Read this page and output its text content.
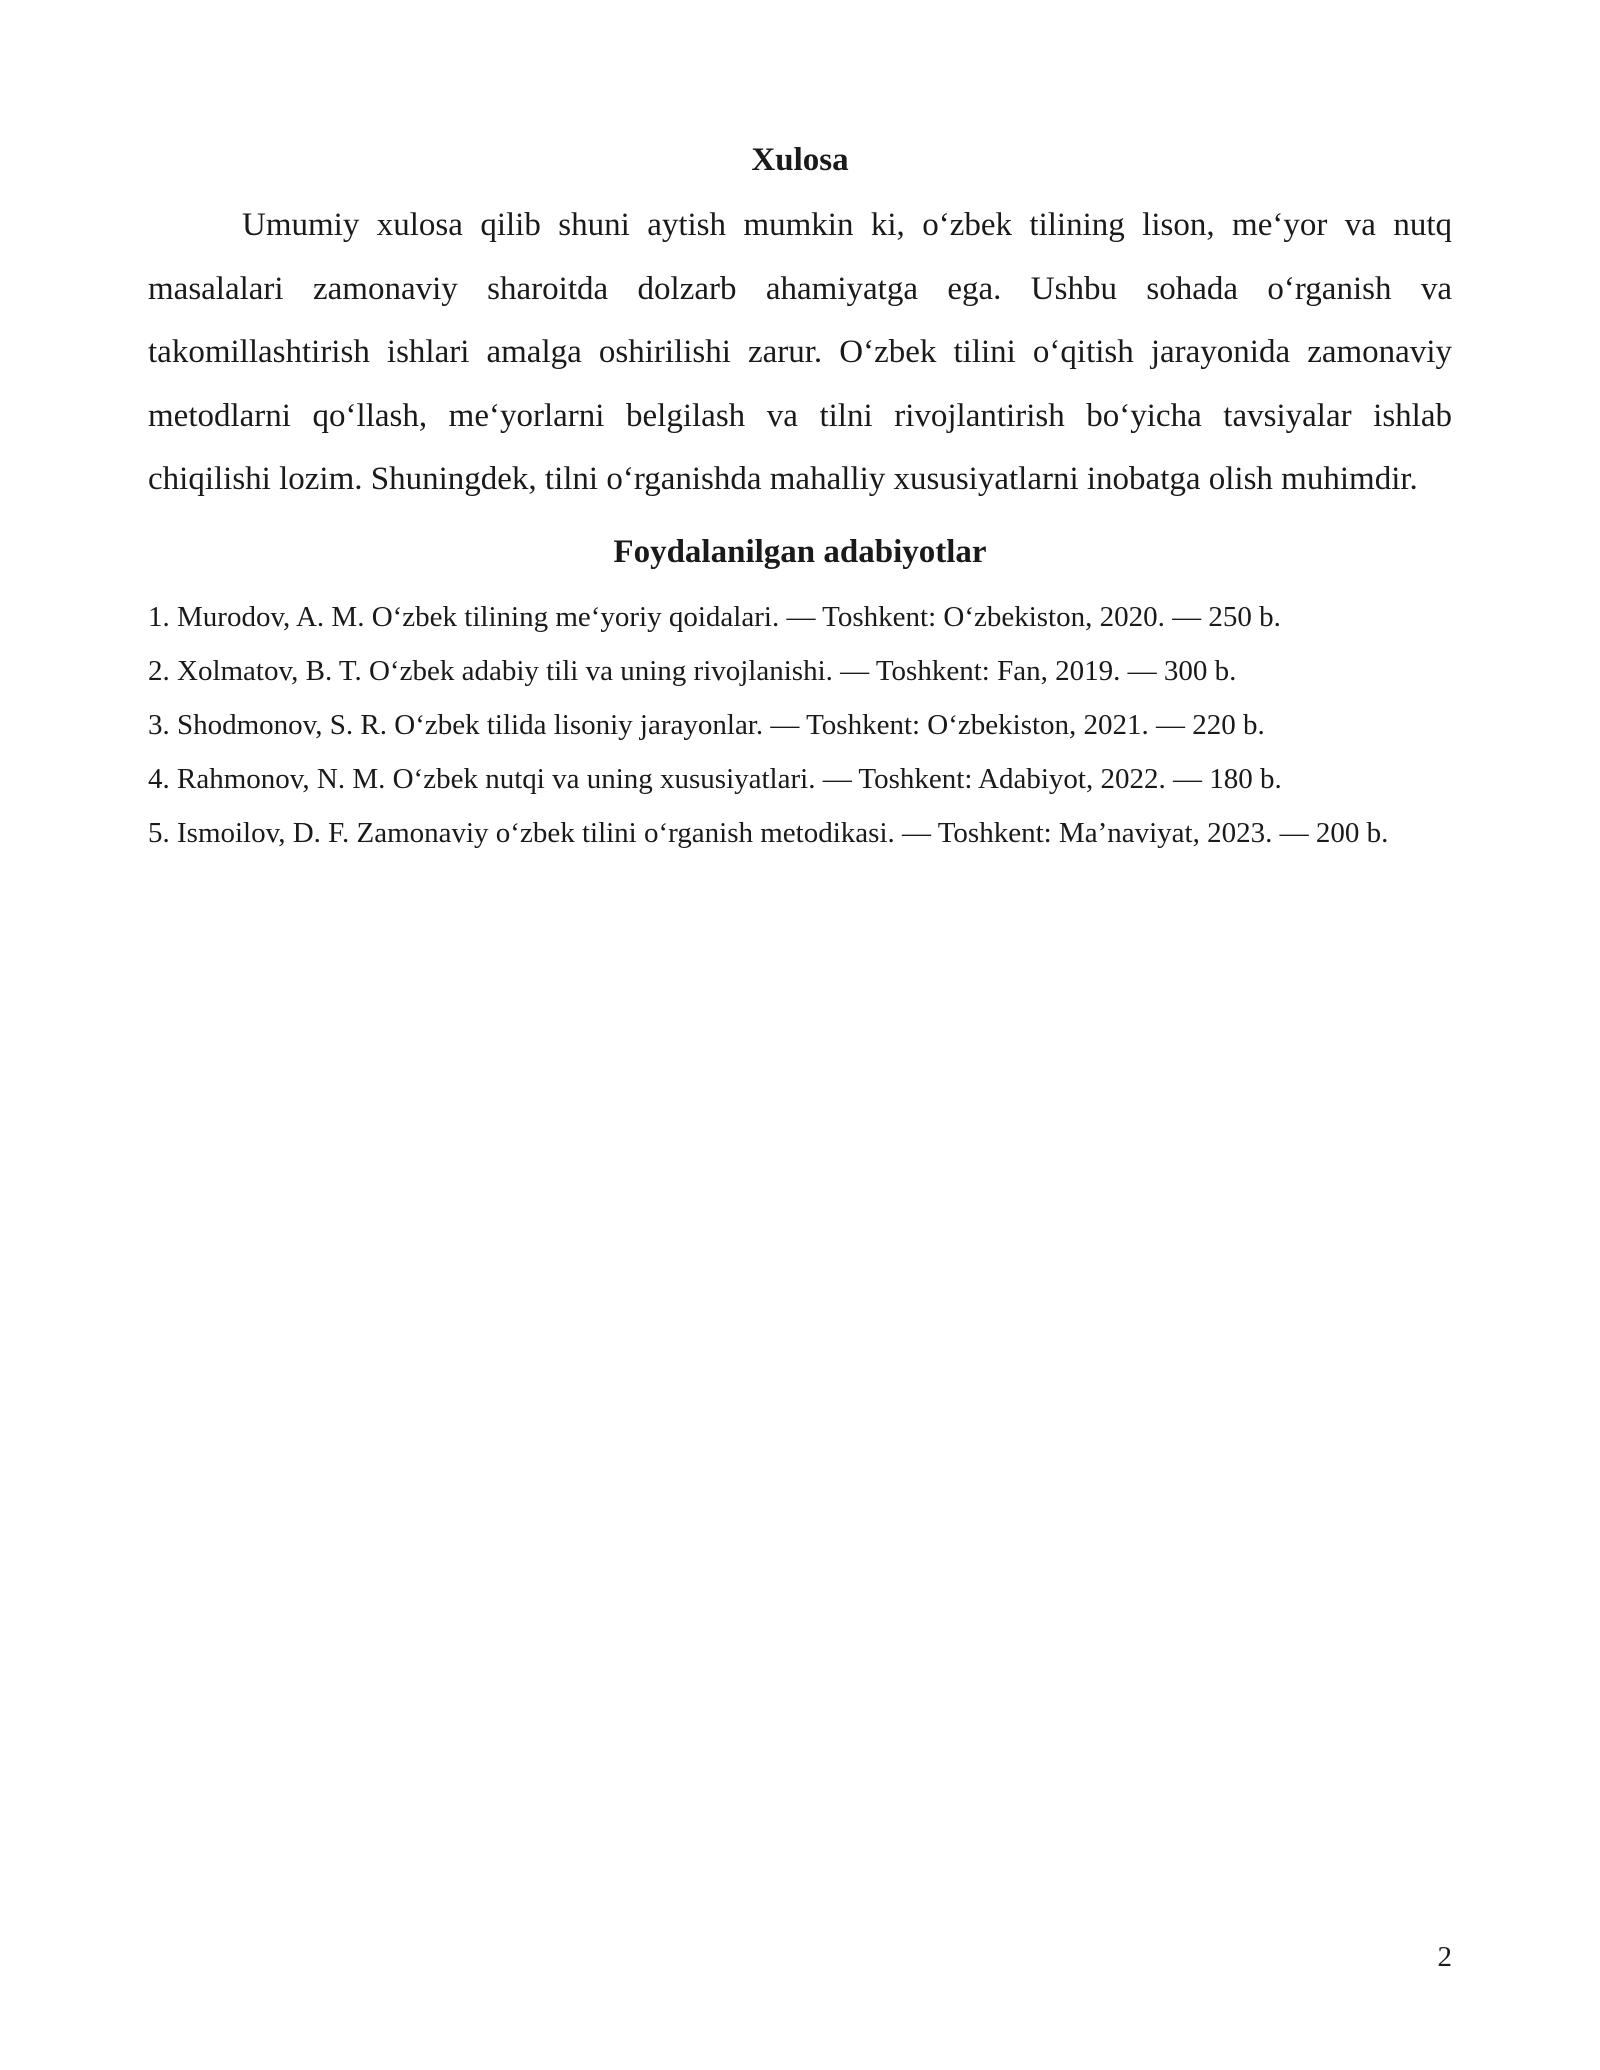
Xulosa

Umumiy xulosa qilib shuni aytish mumkin ki, o‘zbek tilining lison, me‘yor va nutq masalalari zamonaviy sharoitda dolzarb ahamiyatga ega. Ushbu sohada o‘rganish va takomillashtirish ishlari amalga oshirilishi zarur. O‘zbek tilini o‘qitish jarayonida zamonaviy metodlarni qo‘llash, me‘yorlarni belgilash va tilni rivojlantirish bo‘yicha tavsiyalar ishlab chiqilishi lozim. Shuningdek, tilni o‘rganishda mahalliy xususiyatlarni inobatga olish muhimdir.

Foydalanilgan adabiyotlar
1. Murodov, A. M. O‘zbek tilining me‘yoriy qoidalari. — Toshkent: O‘zbekiston, 2020. — 250 b.
2. Xolmatov, B. T. O‘zbek adabiy tili va uning rivojlanishi. — Toshkent: Fan, 2019. — 300 b.
3. Shodmonov, S. R. O‘zbek tilida lisoniy jarayonlar. — Toshkent: O‘zbekiston, 2021. — 220 b.
4. Rahmonov, N. M. O‘zbek nutqi va uning xususiyatlari. — Toshkent: Adabiyot, 2022. — 180 b.
5. Ismoilov, D. F. Zamonaviy o‘zbek tilini o‘rganish metodikasi. — Toshkent: Ma’naviyat, 2023. — 200 b.
2
